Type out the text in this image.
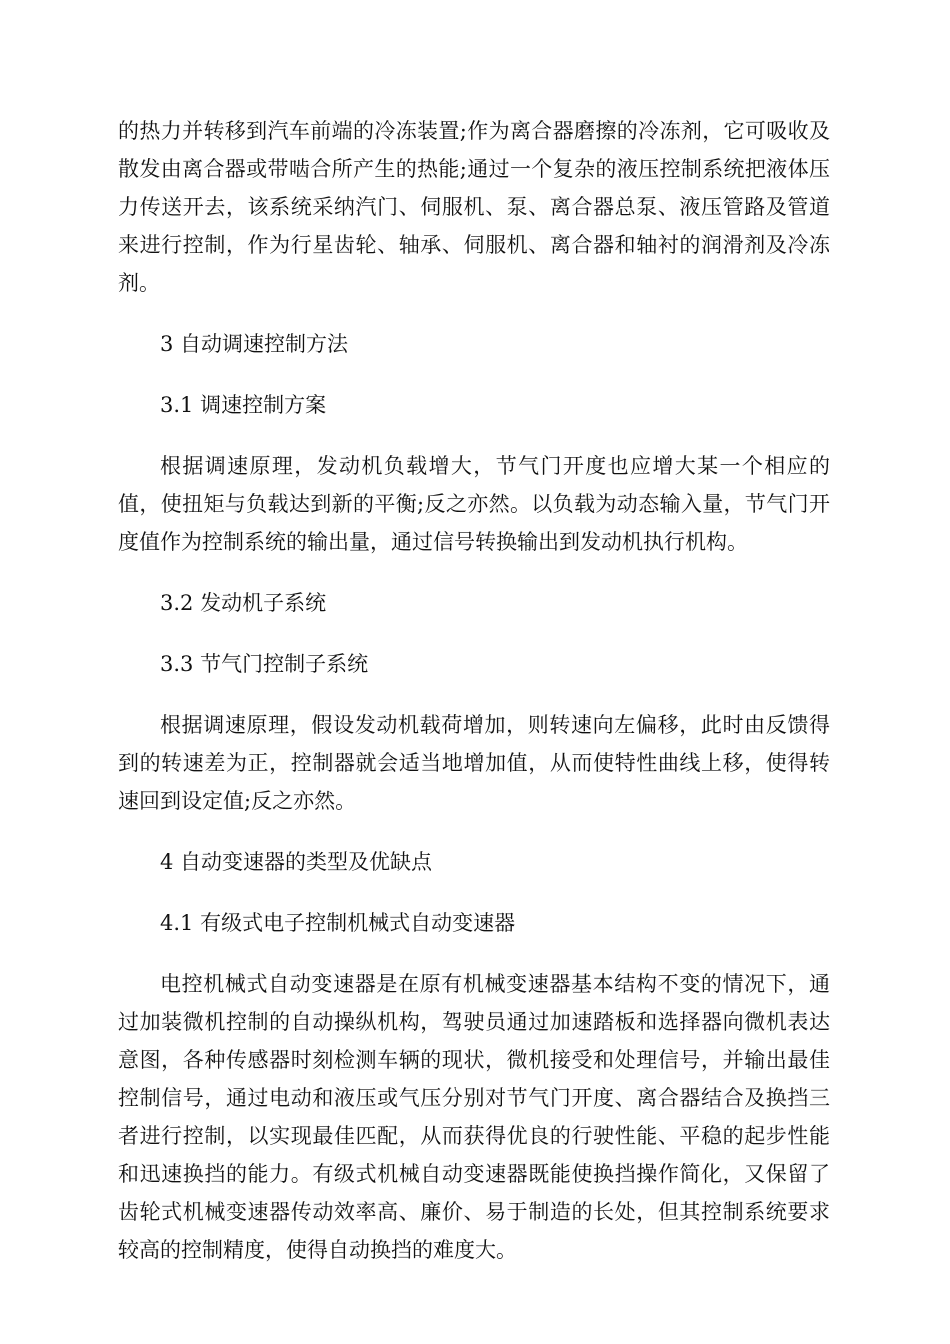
的热力并转移到汽车前端的冷冻装置;作为离合器磨擦的冷冻剂，它可吸收及散发由离合器或带啮合所产生的热能;通过一个复杂的液压控制系统把液体压力传送开去，该系统采纳汽门、伺服机、泵、离合器总泵、液压管路及管道来进行控制，作为行星齿轮、轴承、伺服机、离合器和轴衬的润滑剂及冷冻剂。

3 自动调速控制方法

3.1 调速控制方案

根据调速原理，发动机负载增大，节气门开度也应增大某一个相应的值，使扭矩与负载达到新的平衡;反之亦然。以负载为动态输入量，节气门开度值作为控制系统的输出量，通过信号转换输出到发动机执行机构。

3.2 发动机子系统

3.3 节气门控制子系统

根据调速原理，假设发动机载荷增加，则转速向左偏移，此时由反馈得到的转速差为正，控制器就会适当地增加值，从而使特性曲线上移，使得转速回到设定值;反之亦然。

4 自动变速器的类型及优缺点

4.1 有级式电子控制机械式自动变速器

电控机械式自动变速器是在原有机械变速器基本结构不变的情况下，通过加装微机控制的自动操纵机构，驾驶员通过加速踏板和选择器向微机表达意图，各种传感器时刻检测车辆的现状，微机接受和处理信号，并输出最佳控制信号，通过电动和液压或气压分别对节气门开度、离合器结合及换挡三者进行控制，以实现最佳匹配，从而获得优良的行驶性能、平稳的起步性能和迅速换挡的能力。有级式机械自动变速器既能使换挡操作简化，又保留了齿轮式机械变速器传动效率高、廉价、易于制造的长处，但其控制系统要求较高的控制精度，使得自动换挡的难度大。
